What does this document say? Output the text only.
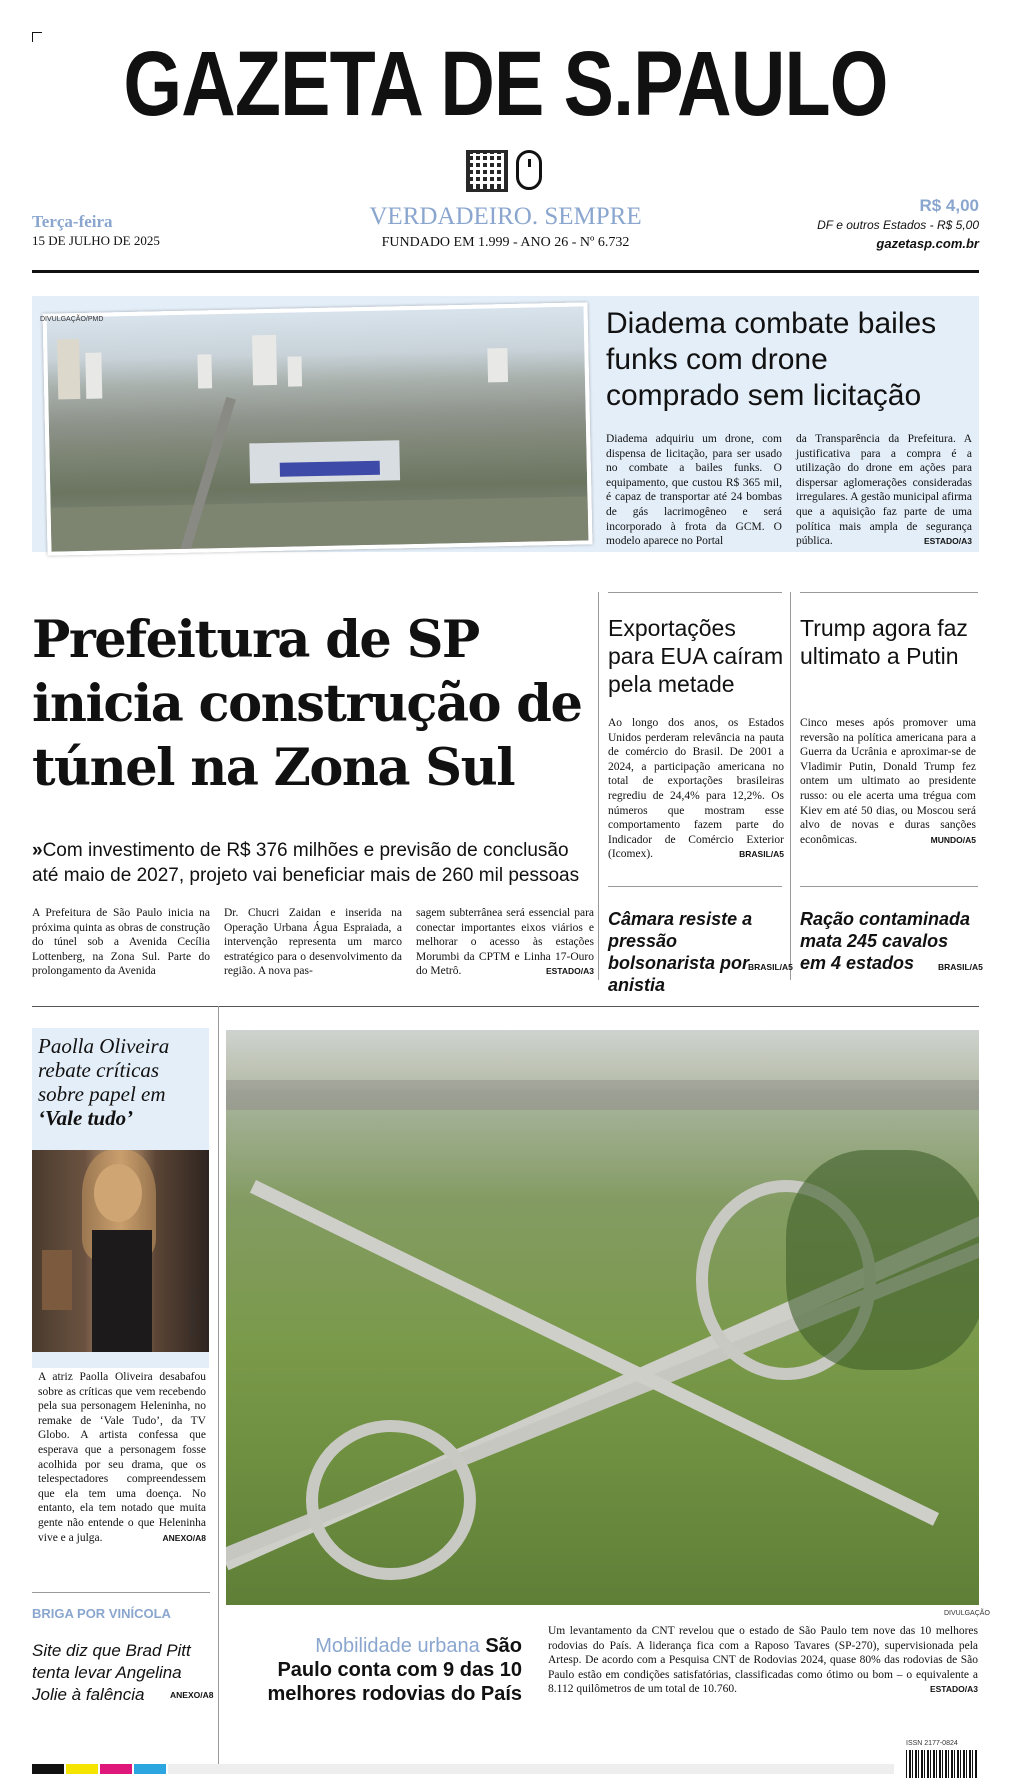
GAZETA DE S.PAULO
Terça-feira
15 DE JULHO DE 2025
VERDADEIRO. SEMPRE
FUNDADO EM 1.999 - ANO 26 - Nº 6.732
R$ 4,00
DF e outros Estados - R$ 5,00
gazetasp.com.br
DIVULGAÇÃO/PMD	Diadema combate bailes funks com drone comprado sem licitação
Diadema adquiriu um drone, com dispensa de licitação, para ser usado no combate a bailes funks. O equipamento, que custou R$ 365 mil, é capaz de transportar até 24 bombas de gás lacrimogêneo e será incorporado à frota da GCM. O modelo aparece no Portal
da Transparência da Prefeitura. A justificativa para a compra é a utilização do drone em ações para dispersar aglomerações consideradas irregulares. A gestão municipal afirma que a aquisição faz parte de uma política mais ampla de segurança pública.	ESTADO/A3
Prefeitura de SP inicia construção de túnel na Zona Sul
»Com investimento de R$ 376 milhões e previsão de conclusão até maio de 2027, projeto vai beneficiar mais de 260 mil pessoas
A Prefeitura de São Paulo inicia na próxima quinta as obras de construção do túnel sob a Avenida Cecília Lottenberg, na Zona Sul. Parte do prolongamento da Avenida
Dr. Chucri Zaidan e inserida na Operação Urbana Água Espraiada, a intervenção representa um marco estratégico para o desenvolvimento da região. A nova pas-
sagem subterrânea será essencial para conectar importantes eixos viários e melhorar o acesso às estações Morumbi da CPTM e Linha 17-Ouro do Metrô.	ESTADO/A3
Exportações para EUA caíram pela metade
Ao longo dos anos, os Estados Unidos perderam relevância na pauta de comércio do Brasil. De 2001 a 2024, a participação americana no total de exportações brasileiras regrediu de 24,4% para 12,2%. Os números que mostram esse comportamento fazem parte do Indicador de Comércio Exterior (Icomex).	BRASIL/A5
Trump agora faz ultimato a Putin
Cinco meses após promover uma reversão na política americana para a Guerra da Ucrânia e aproximar-se de Vladimir Putin, Donald Trump fez ontem um ultimato ao presidente russo: ou ele acerta uma trégua com Kiev em até 50 dias, ou Moscou será alvo de novas e duras sanções econômicas.	MUNDO/A5
Câmara resiste a pressão bolsonarista por anistia
BRASIL/A5
Ração contaminada mata 245 cavalos em 4 estados	BRASIL/A5
Paolla Oliveira rebate críticas sobre papel em ‘Vale tudo’
DIVULGAÇÃO
A atriz Paolla Oliveira desabafou sobre as críticas que vem recebendo pela sua personagem Heleninha, no remake de ‘Vale Tudo’, da TV Globo. A artista confessa que esperava que a personagem fosse acolhida por seu drama, que os telespectadores compreendessem que ela tem uma doença. No entanto, ela tem notado que muita gente não entende o que Heleninha vive e a julga.	ANEXO/A8
BRIGA POR VINÍCOLA
Site diz que Brad Pitt tenta levar Angelina Jolie à falência	ANEXO/A8
DIVULGAÇÃO
Mobilidade urbana São Paulo conta com 9 das 10 melhores rodovias do País
Um levantamento da CNT revelou que o estado de São Paulo tem nove das 10 melhores rodovias do País. A liderança fica com a Raposo Tavares (SP-270), supervisionada pela Artesp. De acordo com a Pesquisa CNT de Rodovias 2024, quase 80% das rodovias de São Paulo estão em condições satisfatórias, classificadas como ótimo ou bom – o equivalente a 8.112 quilômetros de um total de 10.760.	ESTADO/A3
ISSN 2177-0824
